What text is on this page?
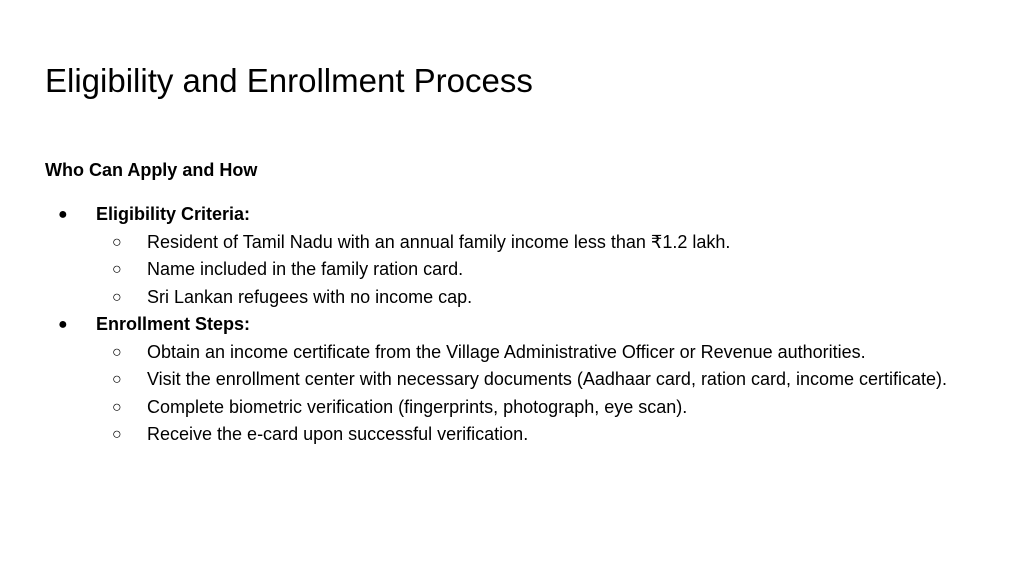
Eligibility and Enrollment Process
Who Can Apply and How
● Eligibility Criteria:
○ Resident of Tamil Nadu with an annual family income less than ₹1.2 lakh.
○ Name included in the family ration card.
○ Sri Lankan refugees with no income cap.
● Enrollment Steps:
○ Obtain an income certificate from the Village Administrative Officer or Revenue authorities.
○ Visit the enrollment center with necessary documents (Aadhaar card, ration card, income certificate).
○ Complete biometric verification (fingerprints, photograph, eye scan).
○ Receive the e-card upon successful verification.
